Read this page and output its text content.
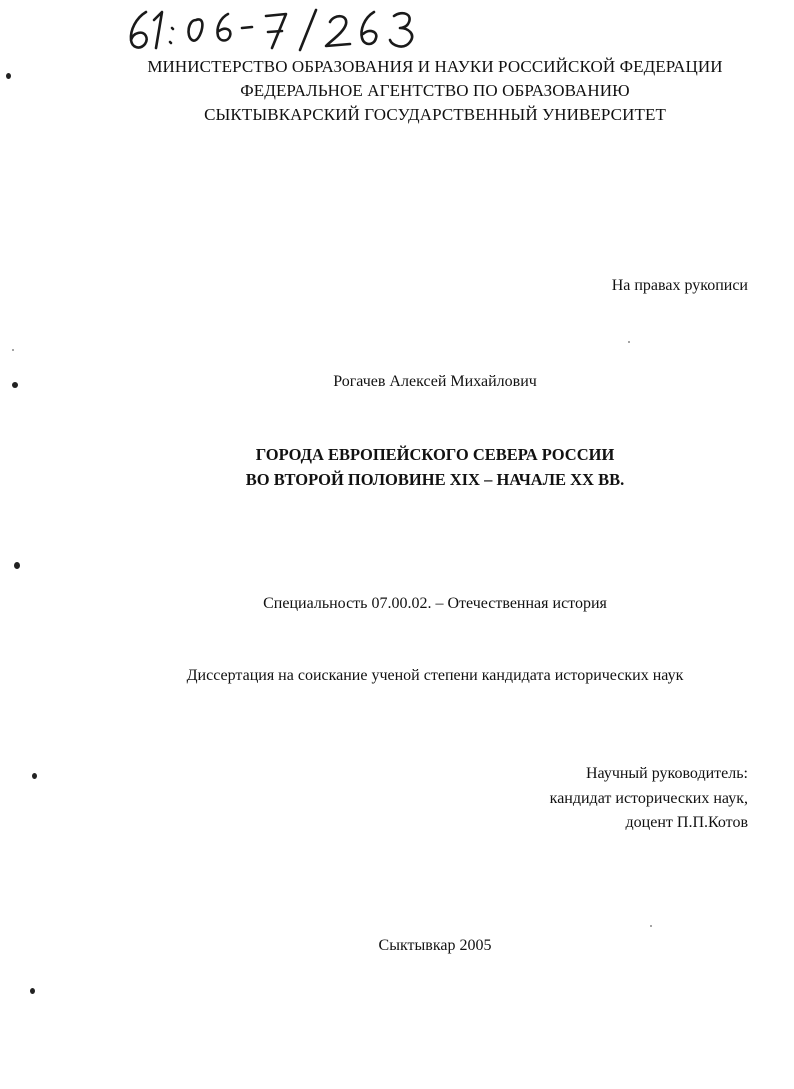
МИНИСТЕРСТВО ОБРАЗОВАНИЯ И НАУКИ РОССИЙСКОЙ ФЕДЕРАЦИИ
ФЕДЕРАЛЬНОЕ АГЕНТСТВО ПО ОБРАЗОВАНИЮ
СЫКТЫВКАРСКИЙ ГОСУДАРСТВЕННЫЙ УНИВЕРСИТЕТ
На правах рукописи
Рогачев Алексей Михайлович
ГОРОДА ЕВРОПЕЙСКОГО СЕВЕРА РОССИИ
ВО ВТОРОЙ ПОЛОВИНЕ XIX – НАЧАЛЕ XX ВВ.
Специальность 07.00.02. – Отечественная история
Диссертация на соискание ученой степени кандидата исторических наук
Научный руководитель:
кандидат исторических наук,
доцент П.П.Котов
Сыктывкар 2005
